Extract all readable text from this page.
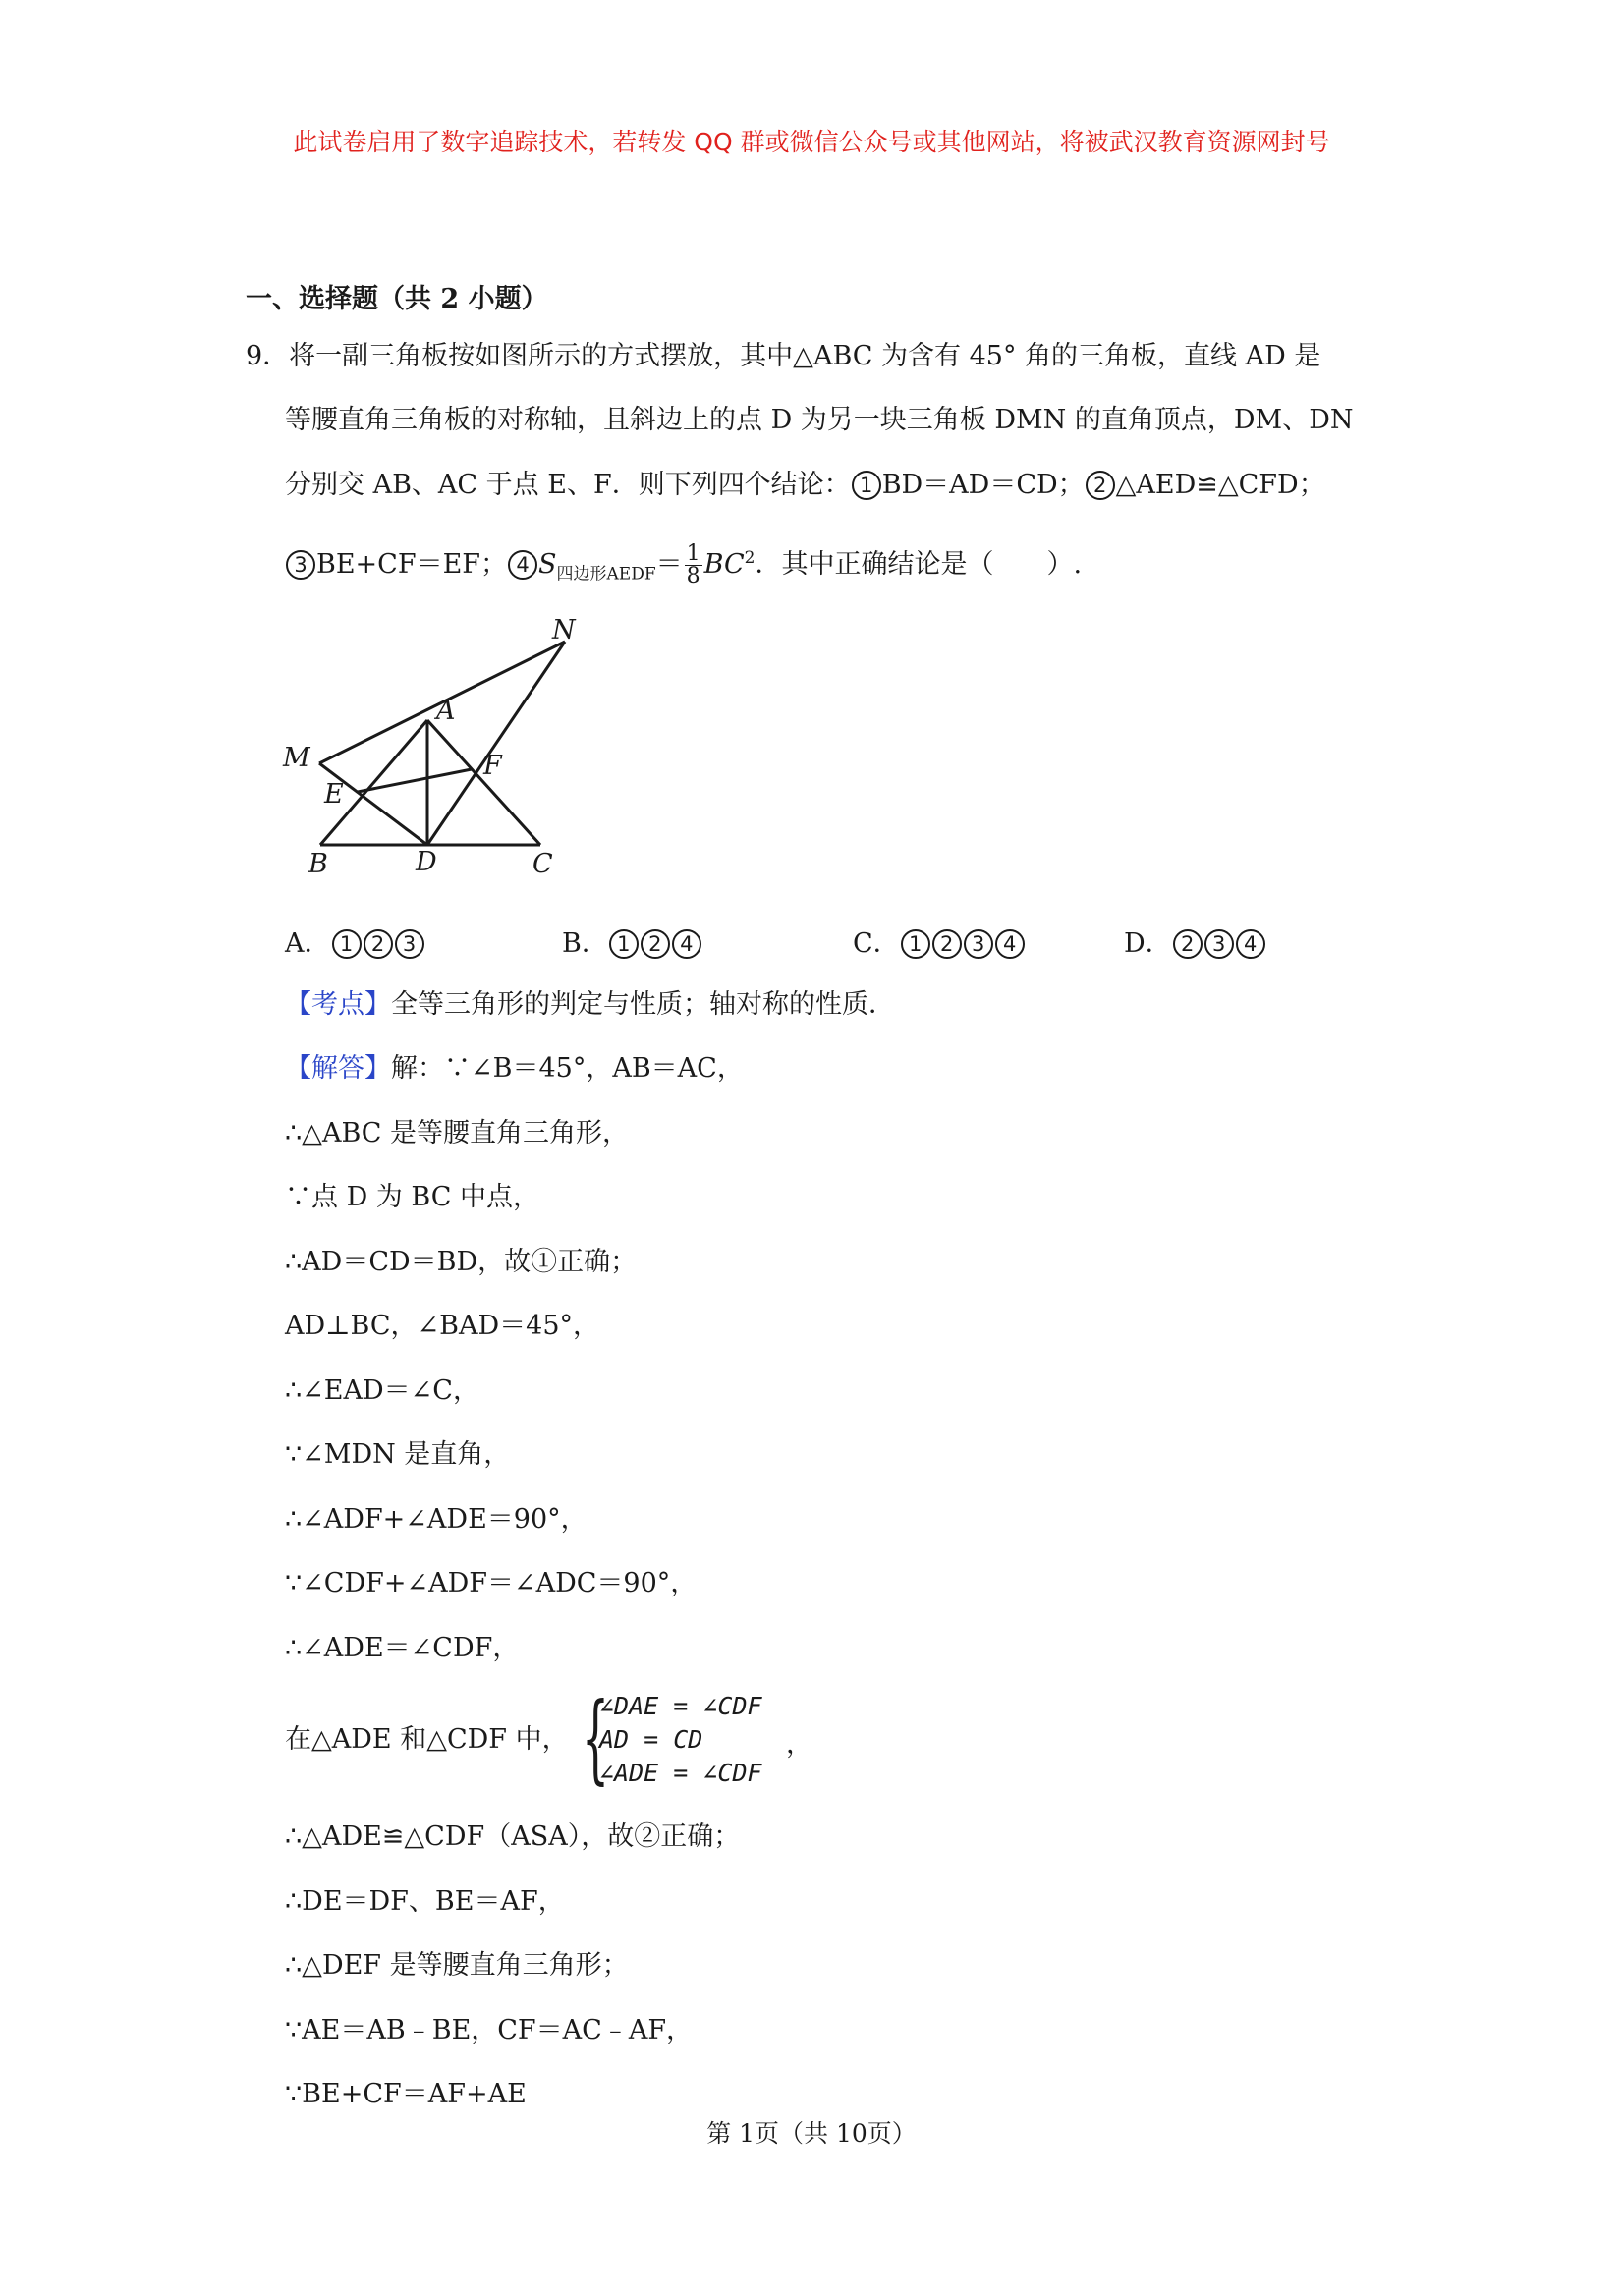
此试卷启用了数字追踪技术，若转发 QQ 群或微信公众号或其他网站，将被武汉教育资源网封号
一、选择题（共 2 小题）
9．将一副三角板按如图所示的方式摆放，其中△ABC 为含有 45° 角的三角板，直线 AD 是
等腰直角三角板的对称轴，且斜边上的点 D 为另一块三角板 DMN 的直角顶点，DM、DN
分别交 AB、AC 于点 E、F．则下列四个结论： 1 BD＝AD＝CD； 2 △AED≌△CFD；
3 BE+CF＝EF； 4 $S_{四边形AEDF}= \frac{1}{8} BC^2$．其中正确结论是（　　）.
N
A
M	F
E
B	D	C
A． 1 2 3	B． 1 2 4	C． 1 2 3 4	D． 2 3 4
【考点】全等三角形的判定与性质；轴对称的性质．
【解答】解：∵∠B＝45°，AB＝AC，
∴△ABC 是等腰直角三角形，
∵点 D 为 BC 中点，
∴AD＝CD＝BD，故①正确；
AD⊥BC，∠BAD＝45°，
∴∠EAD＝∠C，
∵∠MDN 是直角，
∴∠ADF+∠ADE＝90°，
∵∠CDF+∠ADF＝∠ADC＝90°，
∴∠ADE＝∠CDF，
在△ADE 和△CDF 中， {
∠DAE = ∠CDF
AD = CD
∠ADE = ∠CDF
，
∴△ADE≌△CDF（ASA），故②正确；
∴DE＝DF、BE＝AF，
∴△DEF 是等腰直角三角形；
∵AE＝AB﹣BE，CF＝AC﹣AF，
∵BE+CF＝AF+AE
第 1页（共 10页）
